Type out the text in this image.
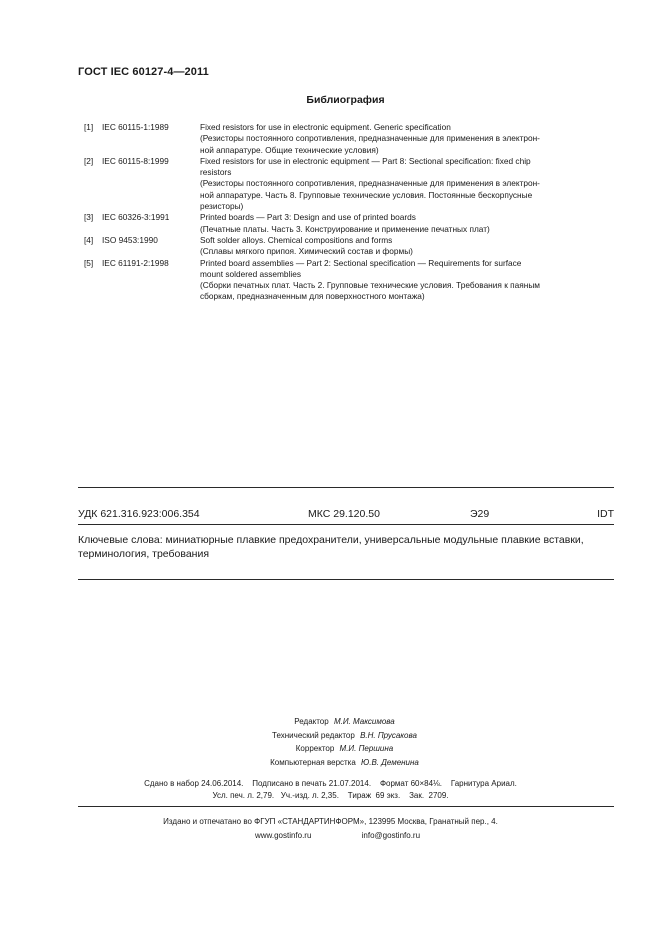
ГОСТ IEC 60127-4—2011
Библиография
[1]	IEC 60115-1:1989	Fixed resistors for use in electronic equipment. Generic specification
(Резисторы постоянного сопротивления, предназначенные для применения в электрон-
ной аппаратуре. Общие технические условия)
[2]	IEC 60115-8:1999	Fixed resistors for use in electronic equipment — Part 8: Sectional specification: fixed chip
resistors
(Резисторы постоянного сопротивления, предназначенные для применения в электрон-
ной аппаратуре. Часть 8. Групповые технические условия. Постоянные бескорпусные
резисторы)
[3]	IEC 60326-3:1991	Printed boards — Part 3: Design and use of printed boards
(Печатные платы. Часть 3. Конструирование и применение печатных плат)
[4]	ISO 9453:1990	Soft solder alloys. Chemical compositions and forms
(Сплавы мягкого припоя. Химический состав и формы)
[5]	IEC 61191-2:1998	Printed board assemblies — Part 2: Sectional specification — Requirements for surface
mount soldered assemblies
(Сборки печатных плат. Часть 2. Групповые технические условия. Требования к паяным
сборкам, предназначенным для поверхностного монтажа)
УДК 621.316.923:006.354	МКС 29.120.50	Э29	IDT
Ключевые слова: миниатюрные плавкие предохранители, универсальные модульные плавкие вставки,
терминология, требования
Редактор М.И. Максимова
Технический редактор В.Н. Прусакова
Корректор М.И. Першина
Компьютерная верстка Ю.В. Деменина
Сдано в набор 24.06.2014.    Подписано в печать 21.07.2014.    Формат 60×84⅛.    Гарнитура Ариал.
Усл. печ. л. 2,79.   Уч.-изд. л. 2,35.    Тираж  69 экз.    Зак.  2709.
Издано и отпечатано во ФГУП «СТАНДАРТИНФОРМ», 123995 Москва, Гранатный пер., 4.
www.gostinfo.ru	info@gostinfo.ru
